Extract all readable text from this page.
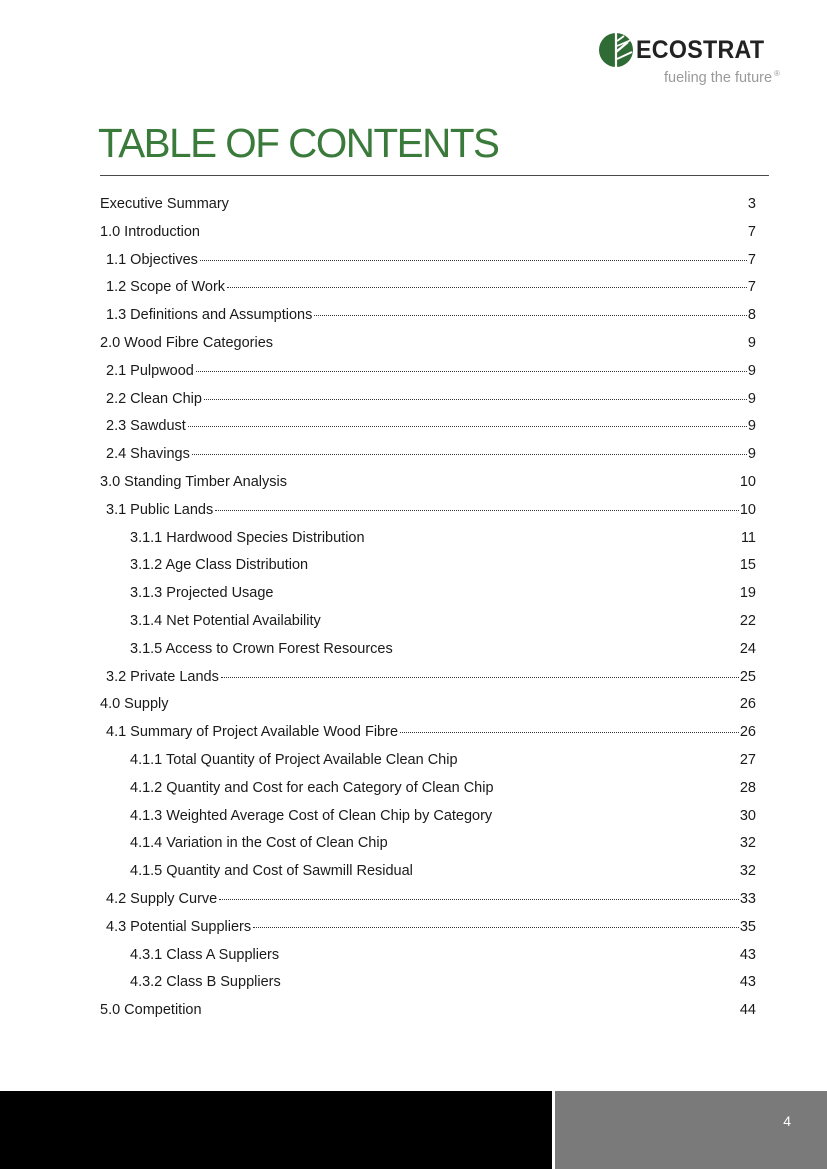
ECOSTRAT
fueling the future ®
TABLE OF CONTENTS
Executive Summary	3
1.0 Introduction	7
1.1 Objectives	7
1.2 Scope of Work	7
1.3 Definitions and Assumptions	8
2.0 Wood Fibre Categories	9
2.1 Pulpwood	9
2.2 Clean Chip	9
2.3 Sawdust	9
2.4 Shavings	9
3.0 Standing Timber Analysis	10
3.1 Public Lands	10
3.1.1 Hardwood Species Distribution	11
3.1.2 Age Class Distribution	15
3.1.3 Projected Usage	19
3.1.4 Net Potential Availability	22
3.1.5 Access to Crown Forest Resources	24
3.2 Private Lands	25
4.0 Supply	26
4.1 Summary of Project Available Wood Fibre	26
4.1.1 Total Quantity of Project Available Clean Chip	27
4.1.2 Quantity and Cost for each Category of Clean Chip	28
4.1.3 Weighted Average Cost of Clean Chip by Category	30
4.1.4 Variation in the Cost of Clean Chip	32
4.1.5 Quantity and Cost of Sawmill Residual	32
4.2 Supply Curve	33
4.3 Potential Suppliers	35
4.3.1 Class A Suppliers	43
4.3.2 Class B Suppliers	43
5.0 Competition	44
4
